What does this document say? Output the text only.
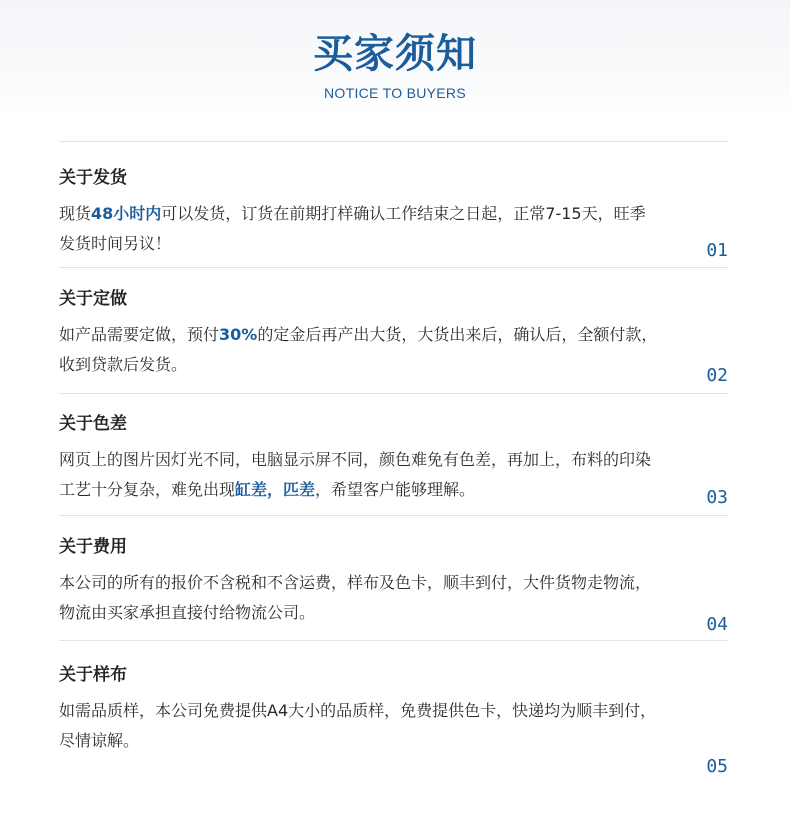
买家须知
NOTICE TO BUYERS
关于发货
现货48小时内可以发货，订货在前期打样确认工作结束之日起，正常7-15天，旺季
发货时间另议！	01
关于定做
如产品需要定做，预付30%的定金后再产出大货，大货出来后，确认后，全额付款，
收到贷款后发货。
02
关于色差
网页上的图片因灯光不同，电脑显示屏不同，颜色难免有色差，再加上，布料的印染
工艺十分复杂，难免出现缸差，匹差，希望客户能够理解。	03
关于费用
本公司的所有的报价不含税和不含运费，样布及色卡，顺丰到付，大件货物走物流，
物流由买家承担直接付给物流公司。
04
关于样布
如需品质样，本公司免费提供A4大小的品质样，免费提供色卡，快递均为顺丰到付，
尽情谅解。
05
